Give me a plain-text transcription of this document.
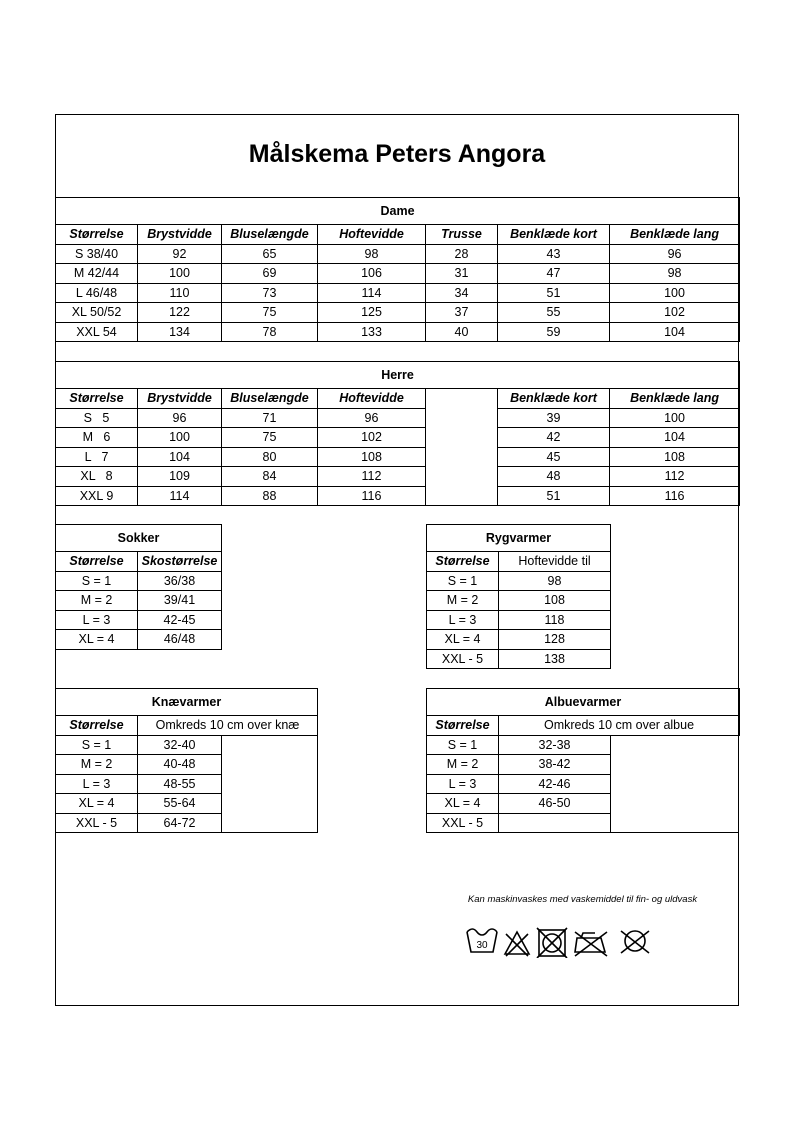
Målskema Peters Angora
Dame						
Størrelse	Brystvidde	Bluselængde	Hoftevidde	Trusse	Benklæde kort	Benklæde lang
S 38/40	92	65	98	28	43	96
M 42/44	100	69	106	31	47	98
L 46/48	110	73	114	34	51	100
XL 50/52	122	75	125	37	55	102
XXL 54	134	78	133	40	59	104
Herre						
Størrelse	Brystvidde	Bluselængde	Hoftevidde		Benklæde kort	Benklæde lang
S   5	96	71	96		39	100
M   6	100	75	102		42	104
L   7	104	80	108		45	108
XL   8	109	84	112		48	112
XXL 9	114	88	116		51	116
Sokker	
Størrelse	Skostørrelse
S = 1	36/38
M = 2	39/41
L = 3	42-45
XL = 4	46/48
Rygvarmer	
Størrelse	Hoftevidde til
S = 1	98
M = 2	108
L = 3	118
XL = 4	128
XXL - 5	138
Knævarmer		
Størrelse	Omkreds 10 cm over knæ	
S = 1	32-40	
M = 2	40-48	
L = 3	48-55	
XL = 4	55-64	
XXL - 5	64-72	
Albuevarmer		
Størrelse	Omkreds 10 cm over albue	
S = 1	32-38	
M = 2	38-42	
L = 3	42-46	
XL = 4	46-50	
XXL - 5		
Kan maskinvaskes med vaskemiddel til fin- og uldvask
30
